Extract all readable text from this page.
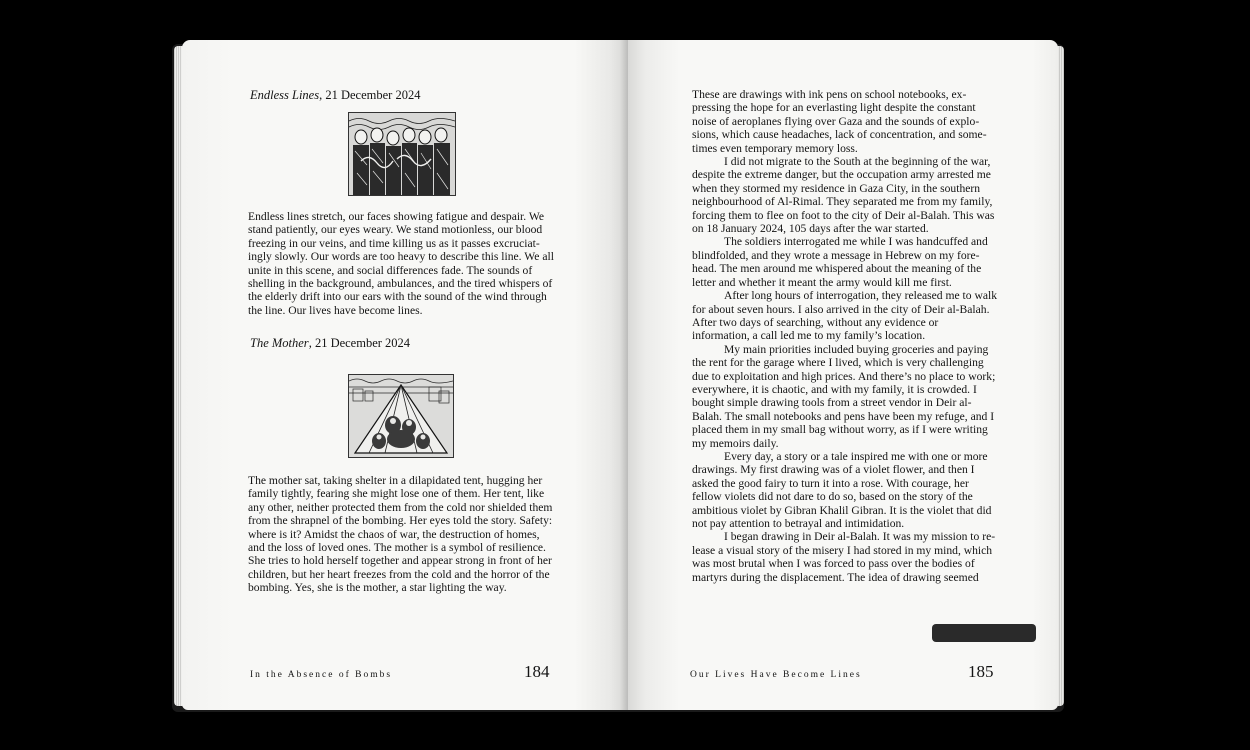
Endless Lines, 21 December 2024

Endless lines stretch, our faces showing fatigue and despair. We stand patiently, our eyes weary. We stand motionless, our blood freezing in our veins, and time killing us as it passes excruciatingly slowly. Our words are too heavy to describe this line. We all unite in this scene, and social differences fade. The sounds of shelling in the background, ambulances, and the tired whispers of the elderly drift into our ears with the sound of the wind through the line. Our lives have become lines.

The Mother, 21 December 2024

The mother sat, taking shelter in a dilapidated tent, hugging her family tightly, fearing she might lose one of them. Her tent, like any other, neither protected them from the cold nor shielded them from the shrapnel of the bombing. Her eyes told the story. Safety: where is it? Amidst the chaos of war, the destruction of homes, and the loss of loved ones. The mother is a symbol of resilience. She tries to hold herself together and appear strong in front of her children, but her heart freezes from the cold and the horror of the bombing. Yes, she is the mother, a star lighting the way.

In the Absence of Bombs	184

These are drawings with ink pens on school notebooks, expressing the hope for an everlasting light despite the constant noise of aeroplanes flying over Gaza and the sounds of explosions, which cause headaches, lack of concentration, and sometimes even temporary memory loss.

I did not migrate to the South at the beginning of the war, despite the extreme danger, but the occupation army arrested me when they stormed my residence in Gaza City, in the southern neighbourhood of Al-Rimal. They separated me from my family, forcing them to flee on foot to the city of Deir al-Balah. This was on 18 January 2024, 105 days after the war started.

The soldiers interrogated me while I was handcuffed and blindfolded, and they wrote a message in Hebrew on my forehead. The men around me whispered about the meaning of the letter and whether it meant the army would kill me first.

After long hours of interrogation, they released me to walk for about seven hours. I also arrived in the city of Deir al-Balah. After two days of searching, without any evidence or information, a call led me to my family’s location.

My main priorities included buying groceries and paying the rent for the garage where I lived, which is very challenging due to exploitation and high prices. And there’s no place to work; everywhere, it is chaotic, and with my family, it is crowded. I bought simple drawing tools from a street vendor in Deir al-Balah. The small notebooks and pens have been my refuge, and I placed them in my small bag without worry, as if I were writing my memoirs daily.

Every day, a story or a tale inspired me with one or more drawings. My first drawing was of a violet flower, and then I asked the good fairy to turn it into a rose. With courage, her fellow violets did not dare to do so, based on the story of the ambitious violet by Gibran Khalil Gibran. It is the violet that did not pay attention to betrayal and intimidation.

I began drawing in Deir al-Balah. It was my mission to release a visual story of the misery I had stored in my mind, which was most brutal when I was forced to pass over the bodies of martyrs during the displacement. The idea of drawing seemed

Our Lives Have Become Lines	185
